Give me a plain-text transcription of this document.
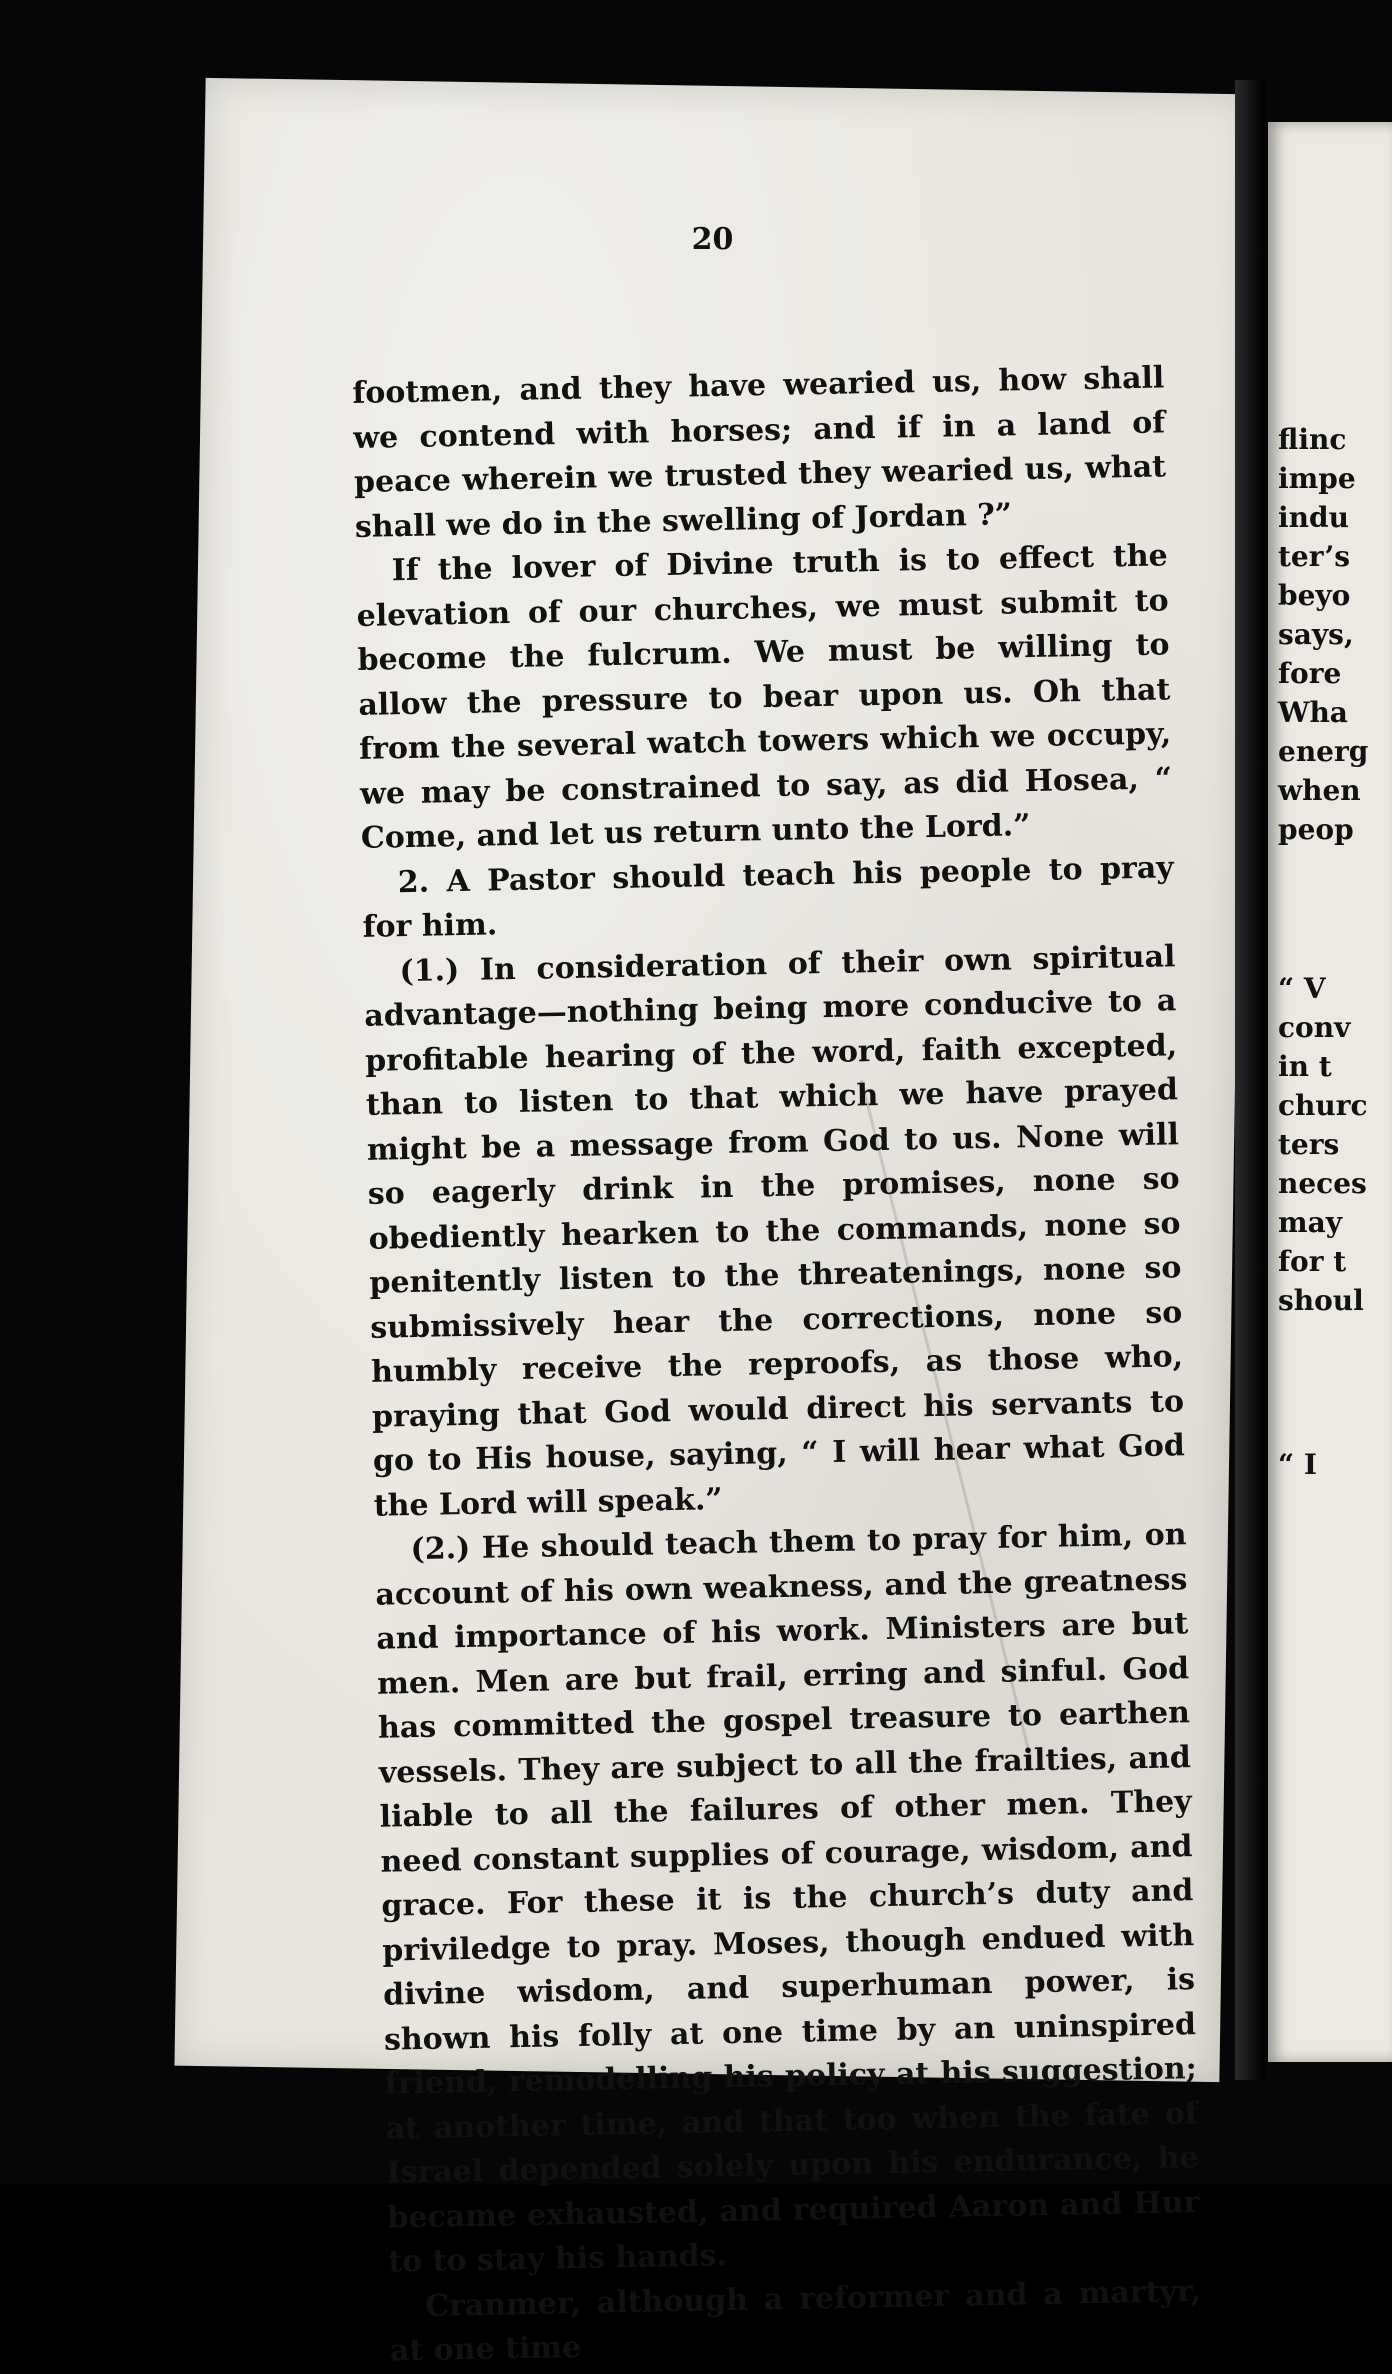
flinc
impe
indu
ter’s
beyo
says,
fore
Wha
energ
when
peop
“ V
conv
in t
churc
ters
neces
may
for t
shoul
“ I
20

footmen, and they have wearied us, how shall we contend with horses; and if in a land of peace wherein we trusted they wearied us, what shall we do in the swelling of Jordan ?”

If the lover of Divine truth is to effect the elevation of our churches, we must submit to become the fulcrum. We must be willing to allow the pressure to bear upon us. Oh that from the several watch towers which we occupy, we may be constrained to say, as did Hosea, “ Come, and let us return unto the Lord.”

2. A Pastor should teach his people to pray for him.

(1.) In consideration of their own spiritual advantage—nothing being more conducive to a profitable hearing of the word, faith excepted, than to listen to that which we have prayed might be a message from God to us. None will so eagerly drink in the promises, none so obediently hearken to the commands, none so penitently listen to the threatenings, none so submissively hear the corrections, none so humbly receive the reproofs, as those who, praying that God would direct his servants to go to His house, saying, “ I will hear what God the Lord will speak.”

(2.) He should teach them to pray for him, on account of his own weakness, and the greatness and importance of his work. Ministers are but men. Men are but frail, erring and sinful. God has committed the gospel treasure to earthen vessels. They are subject to all the frailties, and liable to all the failures of other men. They need constant supplies of courage, wisdom, and grace. For these it is the church’s duty and priviledge to pray. Moses, though endued with divine wisdom, and superhuman power, is shown his folly at one time by an uninspired friend, remodelling his policy at his suggestion; at another time, and that too when the fate of Israel depended solely upon his endurance, he became exhausted, and required Aaron and Hur to to stay his hands.

Cranmer, although a reformer and a martyr, at one time
